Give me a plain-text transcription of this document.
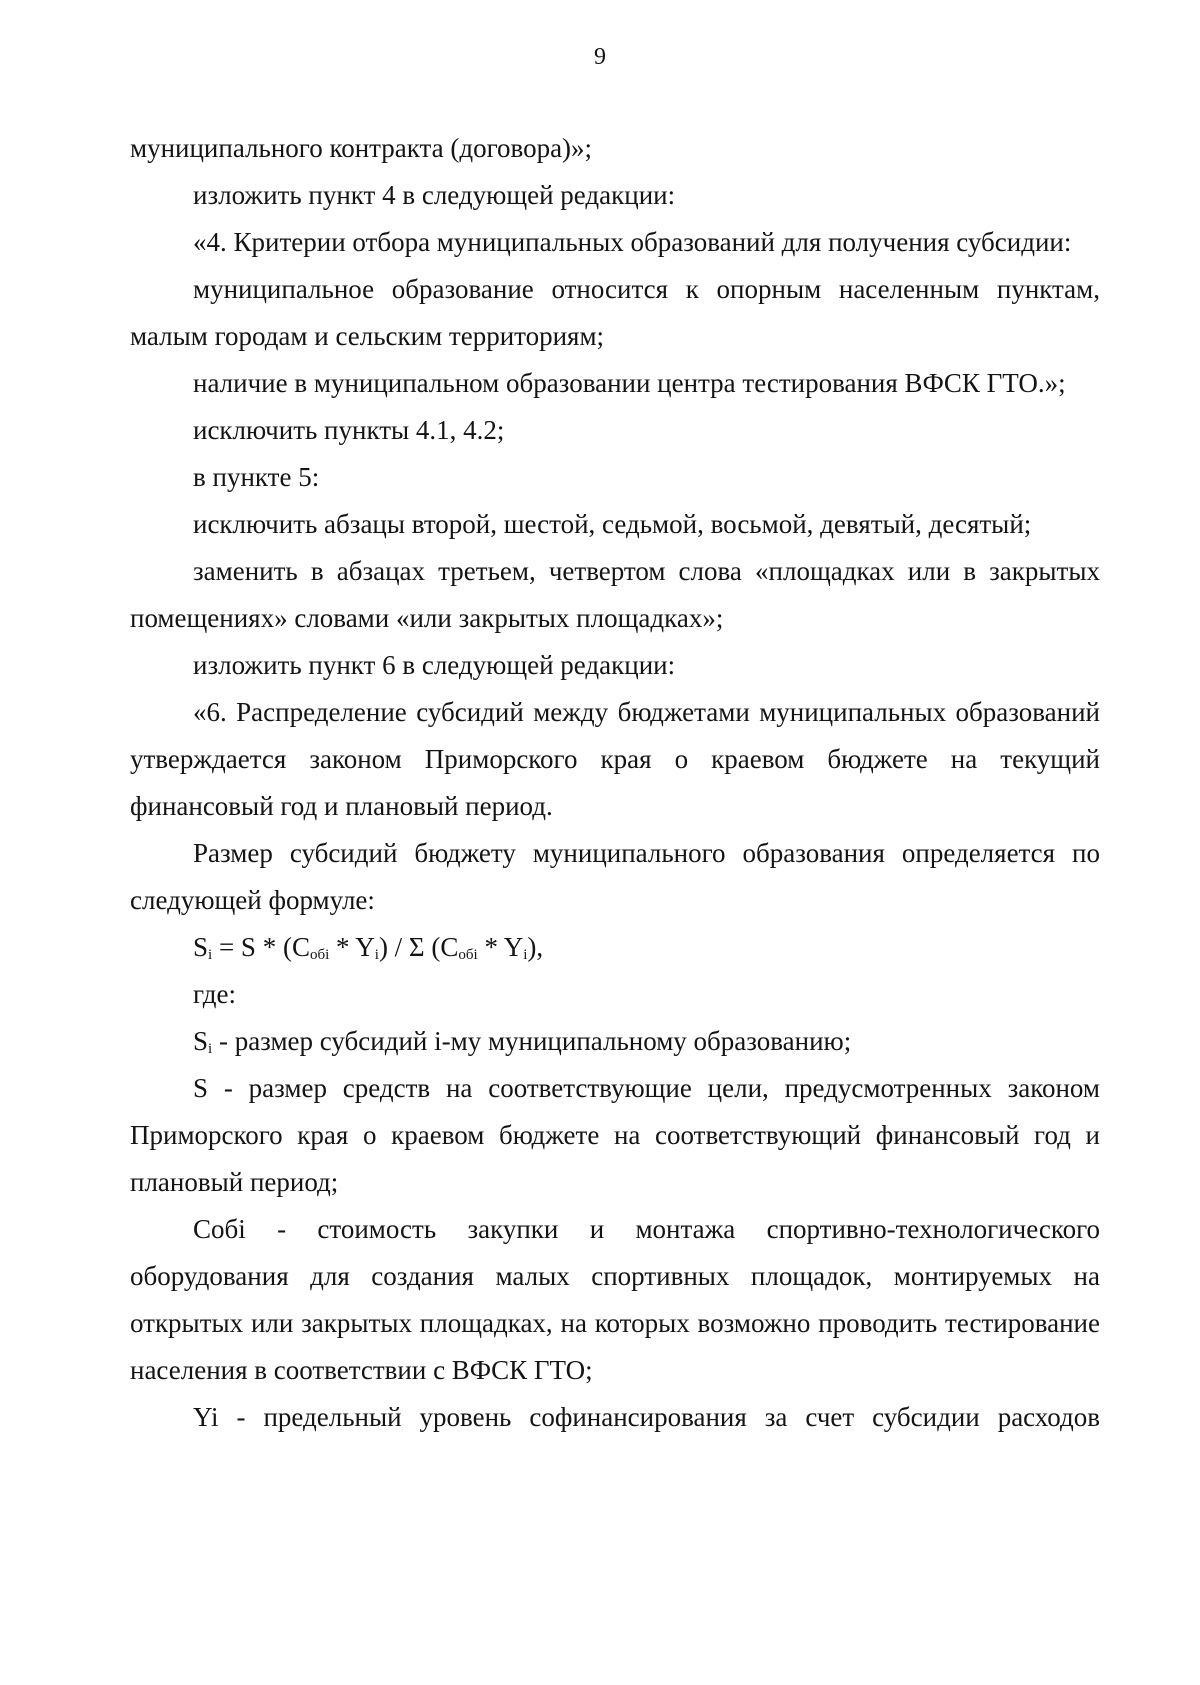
9

муниципального контракта (договора)»;

изложить пункт 4 в следующей редакции:

«4. Критерии отбора муниципальных образований для получения субсидии:

муниципальное образование относится к опорным населенным пунктам, малым городам и сельским территориям;

наличие в муниципальном образовании центра тестирования ВФСК ГТО.»;

исключить пункты 4.1, 4.2;

в пункте 5:

исключить абзацы второй, шестой, седьмой, восьмой, девятый, десятый;

заменить в абзацах третьем, четвертом слова «площадках или в закрытых помещениях» словами «или закрытых площадках»;

изложить пункт 6 в следующей редакции:

«6. Распределение субсидий между бюджетами муниципальных образований утверждается законом Приморского края о краевом бюджете на текущий финансовый год и плановый период.

Размер субсидий бюджету муниципального образования определяется по следующей формуле:

$S_i = S * (C_{обi} * Y_i) / \Sigma$ $(C_{обi} * Y_i)$,

где:

$S_i$ - размер субсидий i-му муниципальному образованию;

S - размер средств на соответствующие цели, предусмотренных законом Приморского края о краевом бюджете на соответствующий финансовый год и плановый период;

Собi - стоимость закупки и монтажа спортивно-технологического оборудования для создания малых спортивных площадок, монтируемых на открытых или закрытых площадках, на которых возможно проводить тестирование населения в соответствии с ВФСК ГТО;

Yi - предельный уровень софинансирования за счет субсидии расходов
